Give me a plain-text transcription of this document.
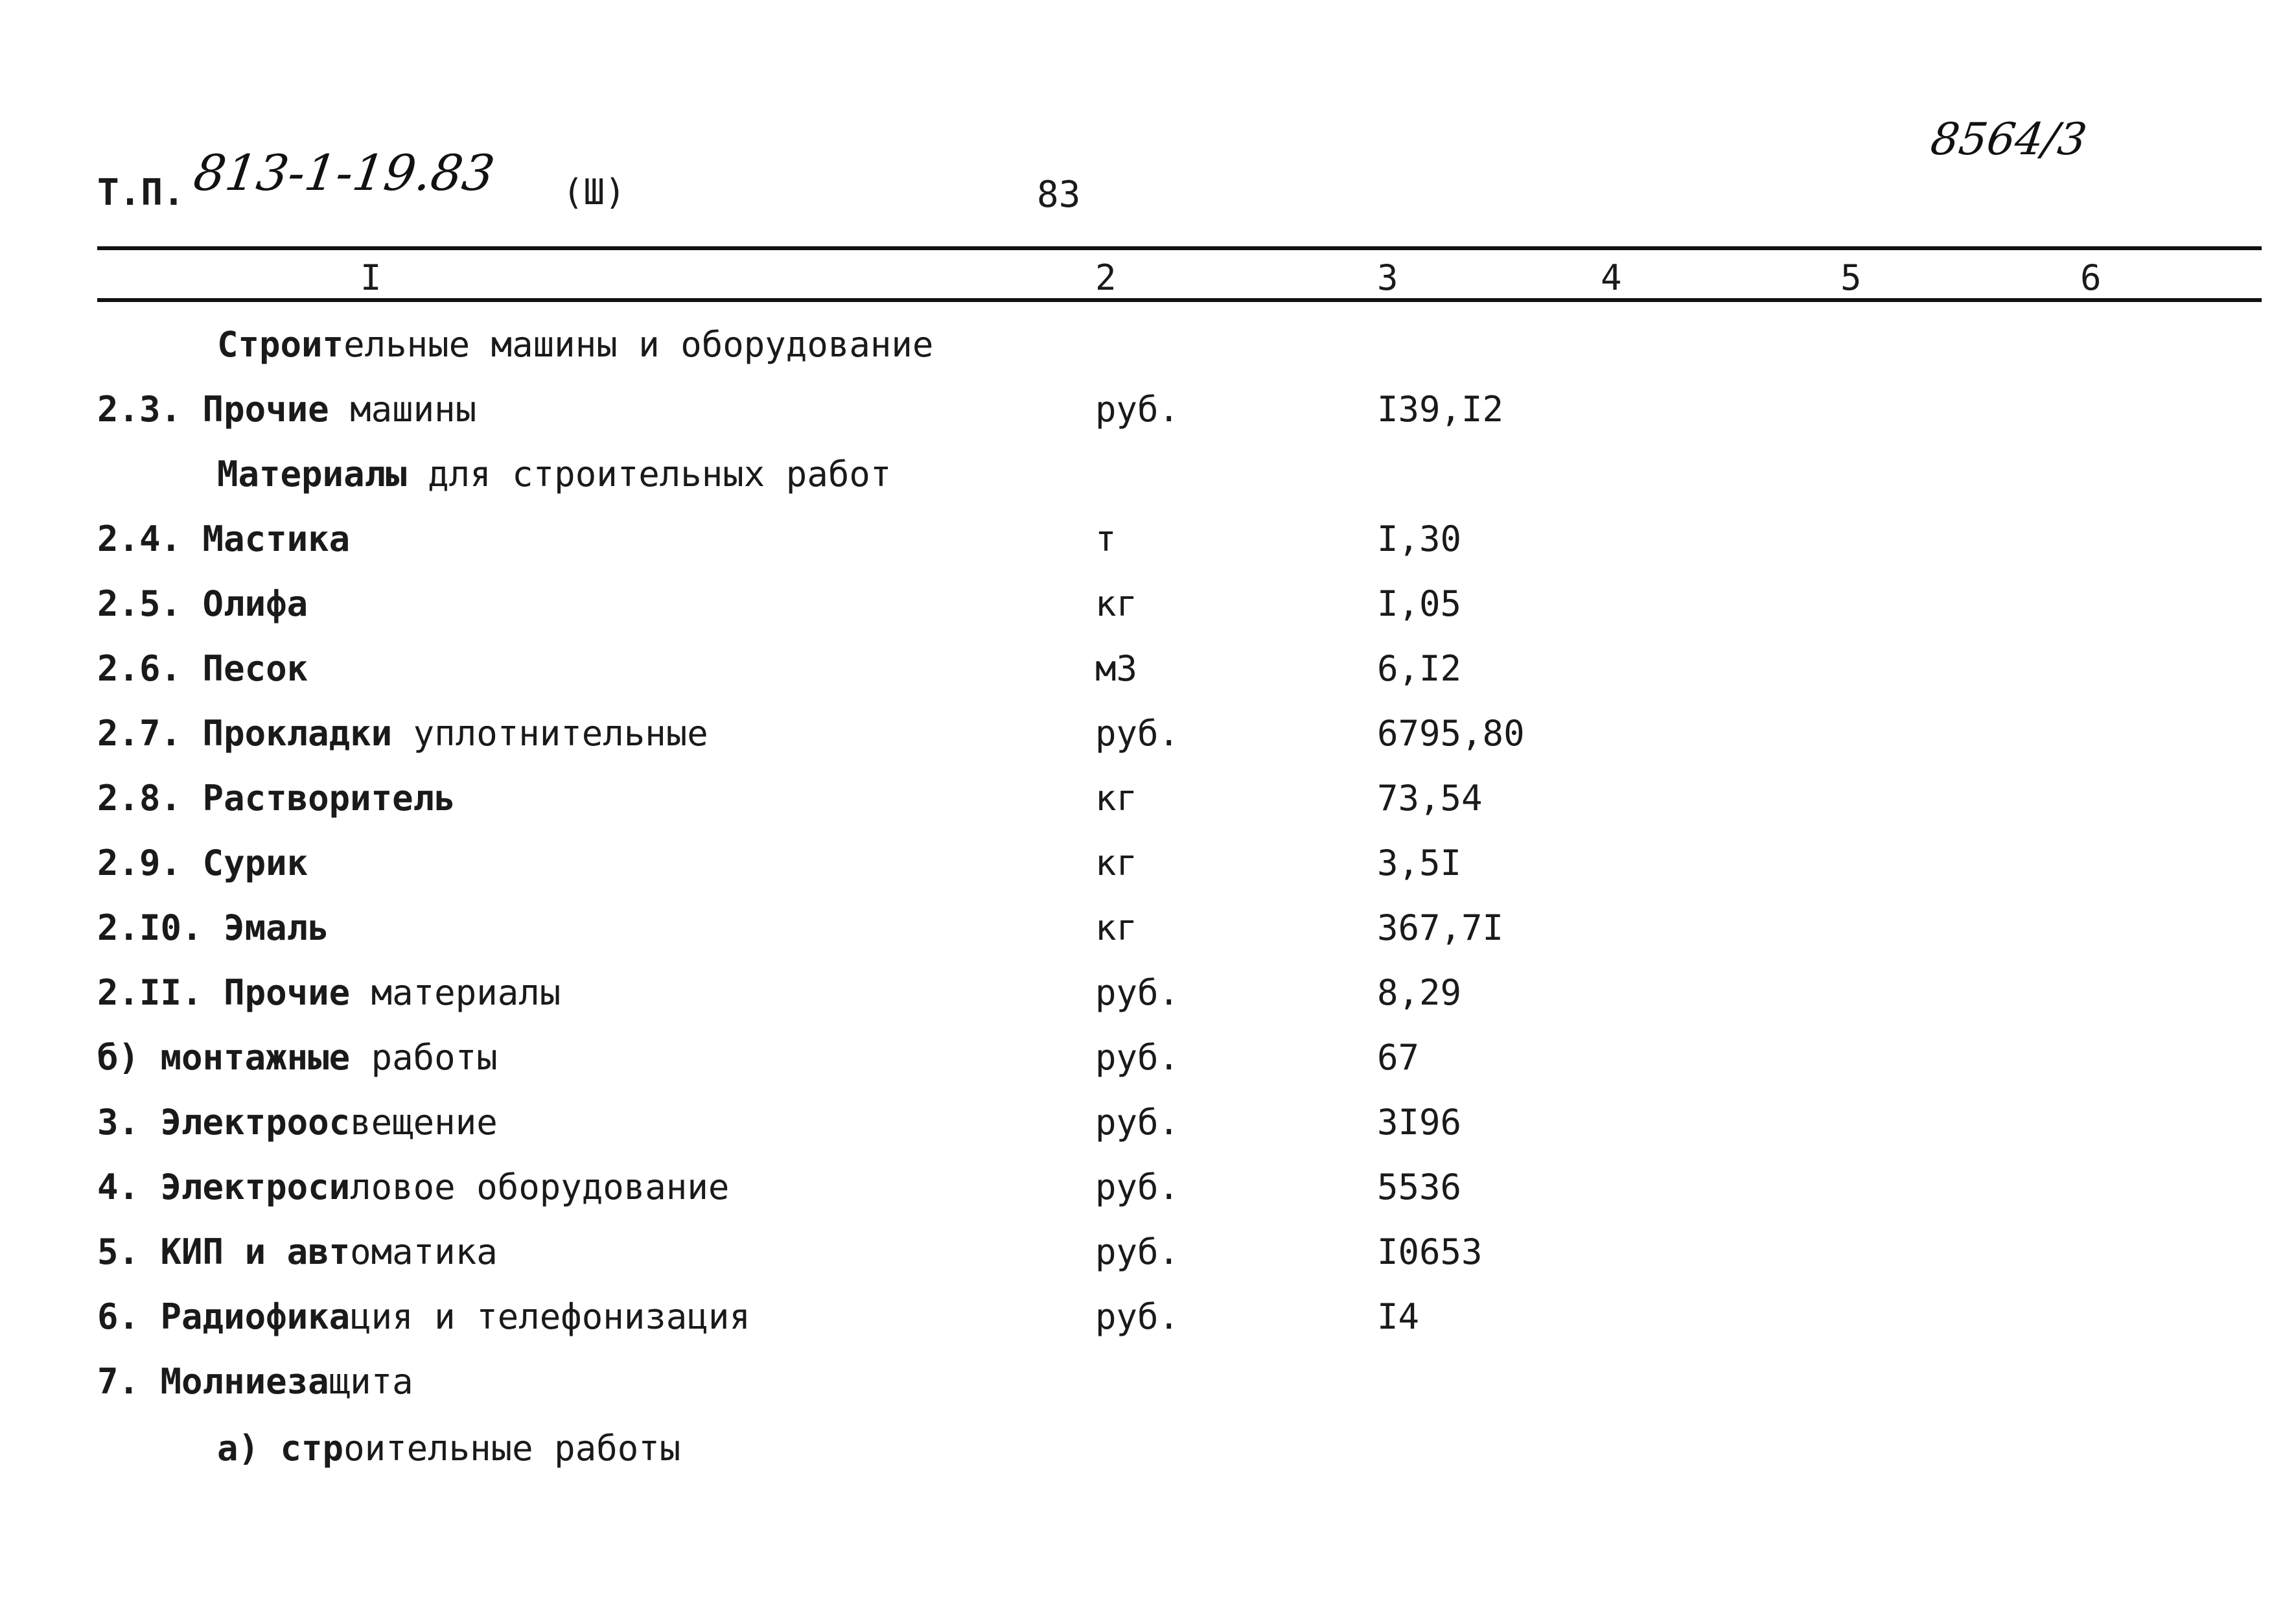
Т.П. 813-1-19.83 (Ш)	83
8564/3
I	2	3	4	5	6
Строительные машины и оборудование
2.3. Прочие машины	руб.	I39,I2
Материалы для строительных работ
2.4. Мастика	т	I,30
2.5. Олифа	кг	I,05
2.6. Песок	м3	6,I2
2.7. Прокладки уплотнительные	руб.	6795,80
2.8. Растворитель	кг	73,54
2.9. Сурик	кг	3,5I
2.I0. Эмаль	кг	367,7I
2.II. Прочие материалы	руб.	8,29
б) монтажные работы	руб.	67
3. Электроосвещение	руб.	3I96
4. Электросиловое оборудование	руб.	5536
5. КИП и автоматика	руб.	I0653
6. Радиофикация и телефонизация	руб.	I4
7. Молниезащита
а) строительные работы
